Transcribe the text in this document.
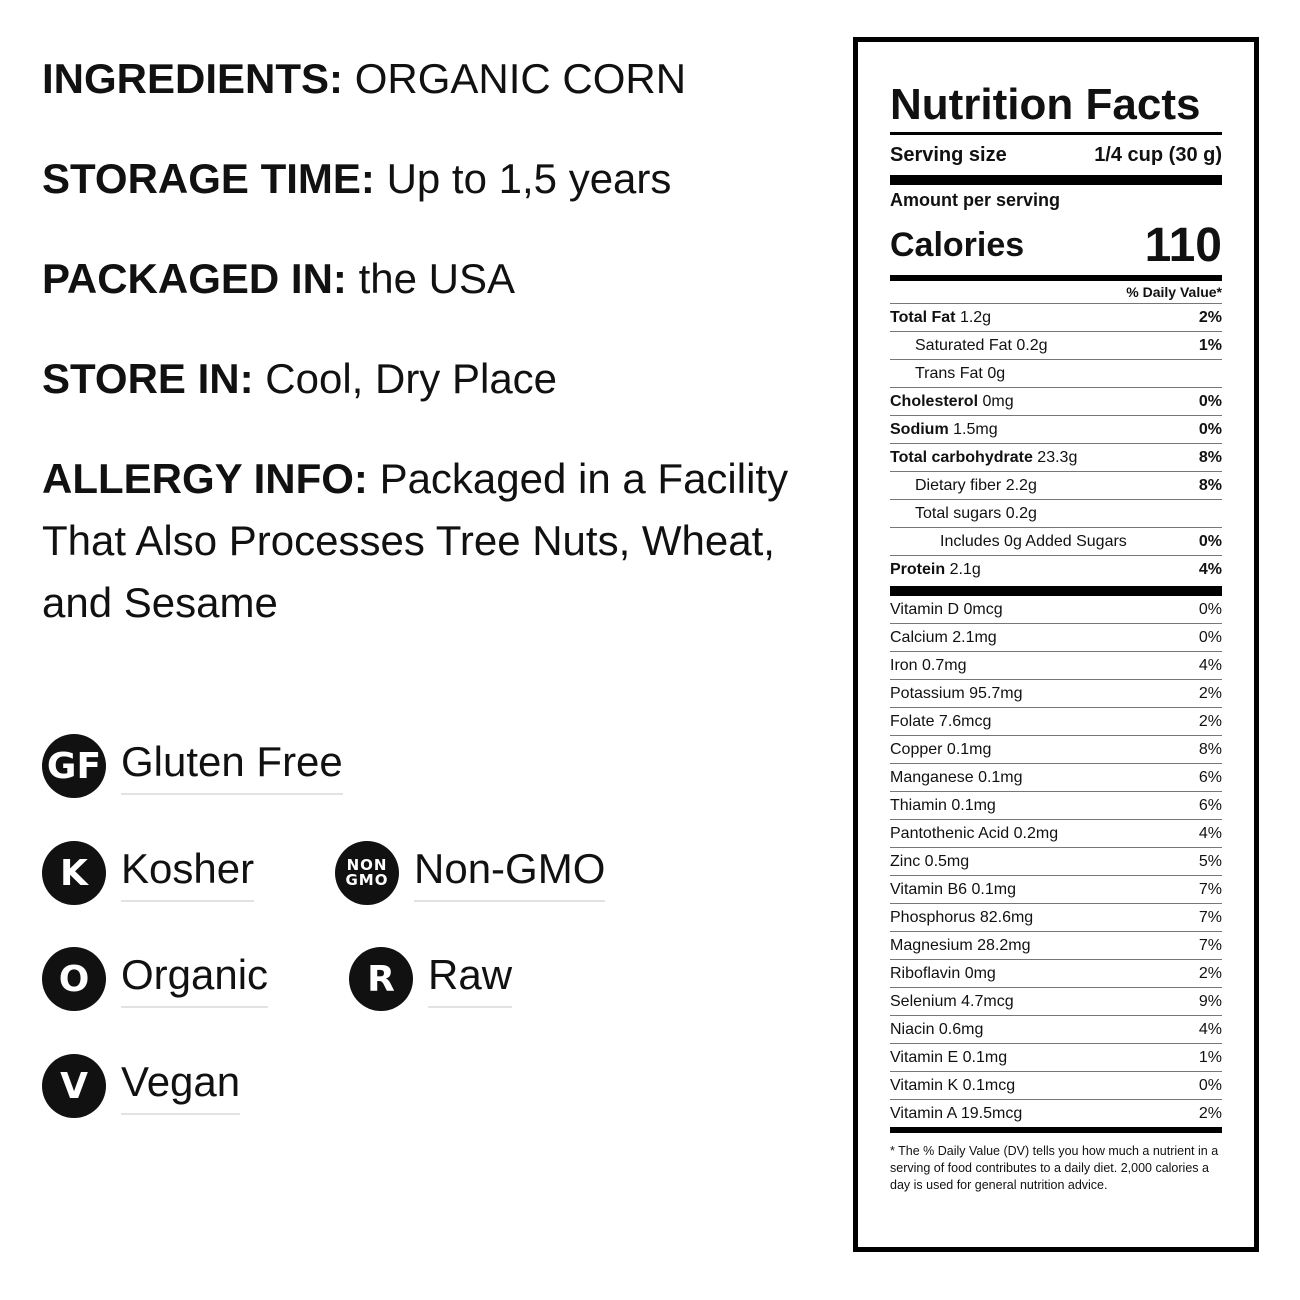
INGREDIENTS: ORGANIC CORN

STORAGE TIME: Up to 1,5 years

PACKAGED IN: the USA

STORE IN: Cool, Dry Place

ALLERGY INFO: Packaged in a Facility That Also Processes Tree Nuts, Wheat, and Sesame

GF Gluten Free
K Kosher	NON
GMO Non-GMO
O Organic	R Raw
V Vegan
Nutrition Facts
Serving size	1/4 cup (30 g)
Amount per serving
Calories	110
% Daily Value*
Total Fat 1.2g	2%
Saturated Fat 0.2g	1%
Trans Fat 0g
Cholesterol 0mg	0%
Sodium 1.5mg	0%
Total carbohydrate 23.3g	8%
Dietary fiber 2.2g	8%
Total sugars 0.2g
Includes 0g Added Sugars	0%
Protein 2.1g	4%
Vitamin D 0mcg	0%
Calcium 2.1mg	0%
Iron 0.7mg	4%
Potassium 95.7mg	2%
Folate 7.6mcg	2%
Copper 0.1mg	8%
Manganese 0.1mg	6%
Thiamin 0.1mg	6%
Pantothenic Acid 0.2mg	4%
Zinc 0.5mg	5%
Vitamin B6 0.1mg	7%
Phosphorus 82.6mg	7%
Magnesium 28.2mg	7%
Riboflavin 0mg	2%
Selenium 4.7mcg	9%
Niacin 0.6mg	4%
Vitamin E 0.1mg	1%
Vitamin K 0.1mcg	0%
Vitamin A 19.5mcg	2%
* The % Daily Value (DV) tells you how much a nutrient in a serving of food contributes to a daily diet. 2,000 calories a day is used for general nutrition advice.
